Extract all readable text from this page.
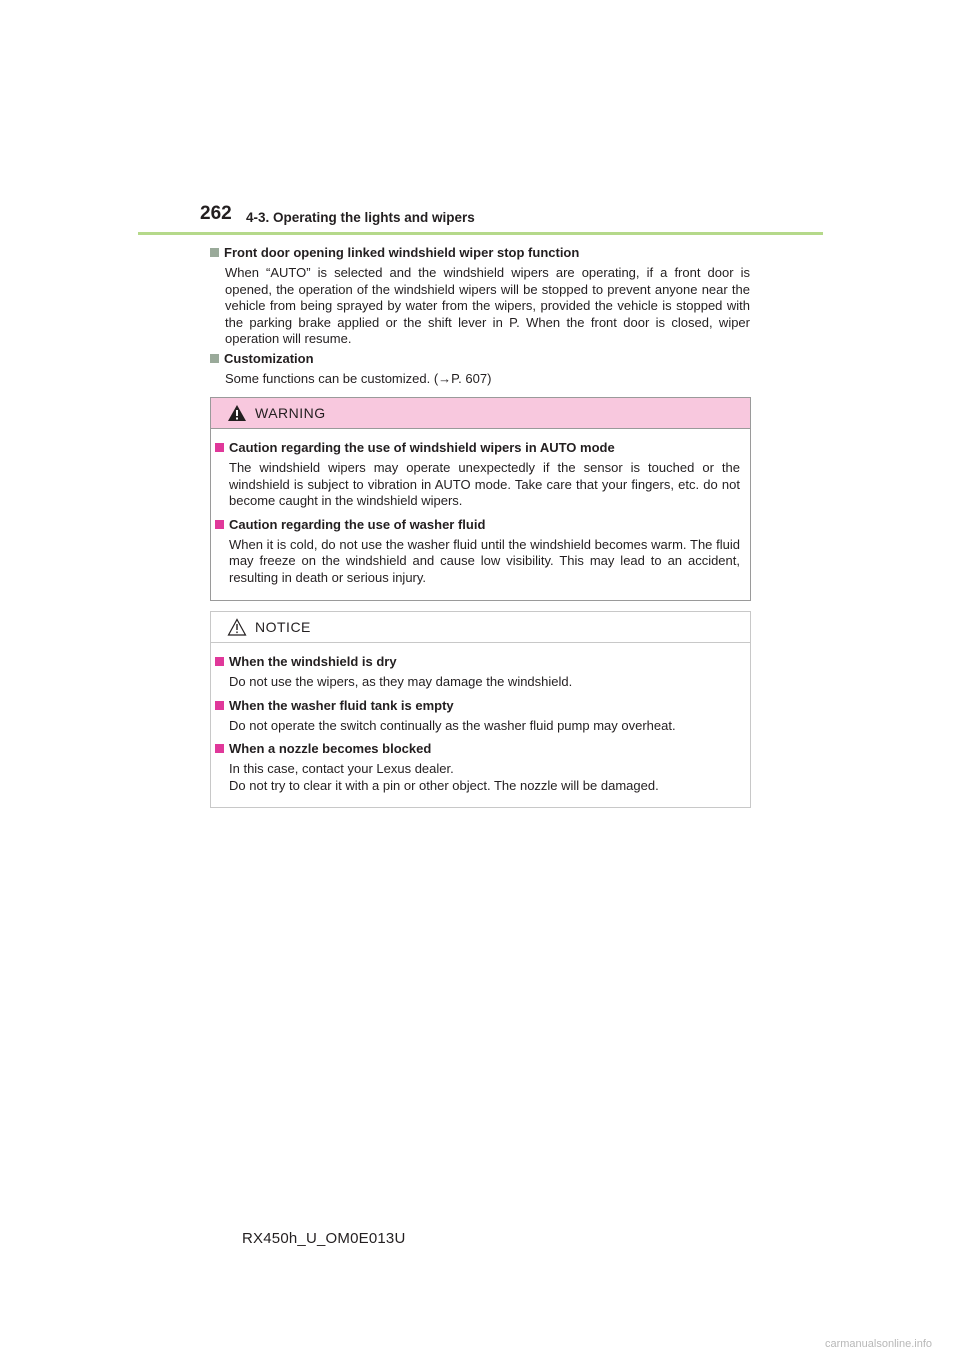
262 4-3. Operating the lights and wipers
Front door opening linked windshield wiper stop function
When “AUTO” is selected and the windshield wipers are operating, if a front door is opened, the operation of the windshield wipers will be stopped to prevent anyone near the vehicle from being sprayed by water from the wipers, provided the vehicle is stopped with the parking brake applied or the shift lever in P. When the front door is closed, wiper operation will resume.
Customization
Some functions can be customized. (→P. 607)
WARNING
Caution regarding the use of windshield wipers in AUTO mode
The windshield wipers may operate unexpectedly if the sensor is touched or the windshield is subject to vibration in AUTO mode. Take care that your fingers, etc. do not become caught in the windshield wipers.
Caution regarding the use of washer fluid
When it is cold, do not use the washer fluid until the windshield becomes warm. The fluid may freeze on the windshield and cause low visibility. This may lead to an accident, resulting in death or serious injury.
NOTICE
When the windshield is dry
Do not use the wipers, as they may damage the windshield.
When the washer fluid tank is empty
Do not operate the switch continually as the washer fluid pump may overheat.
When a nozzle becomes blocked
In this case, contact your Lexus dealer.
Do not try to clear it with a pin or other object. The nozzle will be damaged.
RX450h_U_OM0E013U
carmanualsonline.info
